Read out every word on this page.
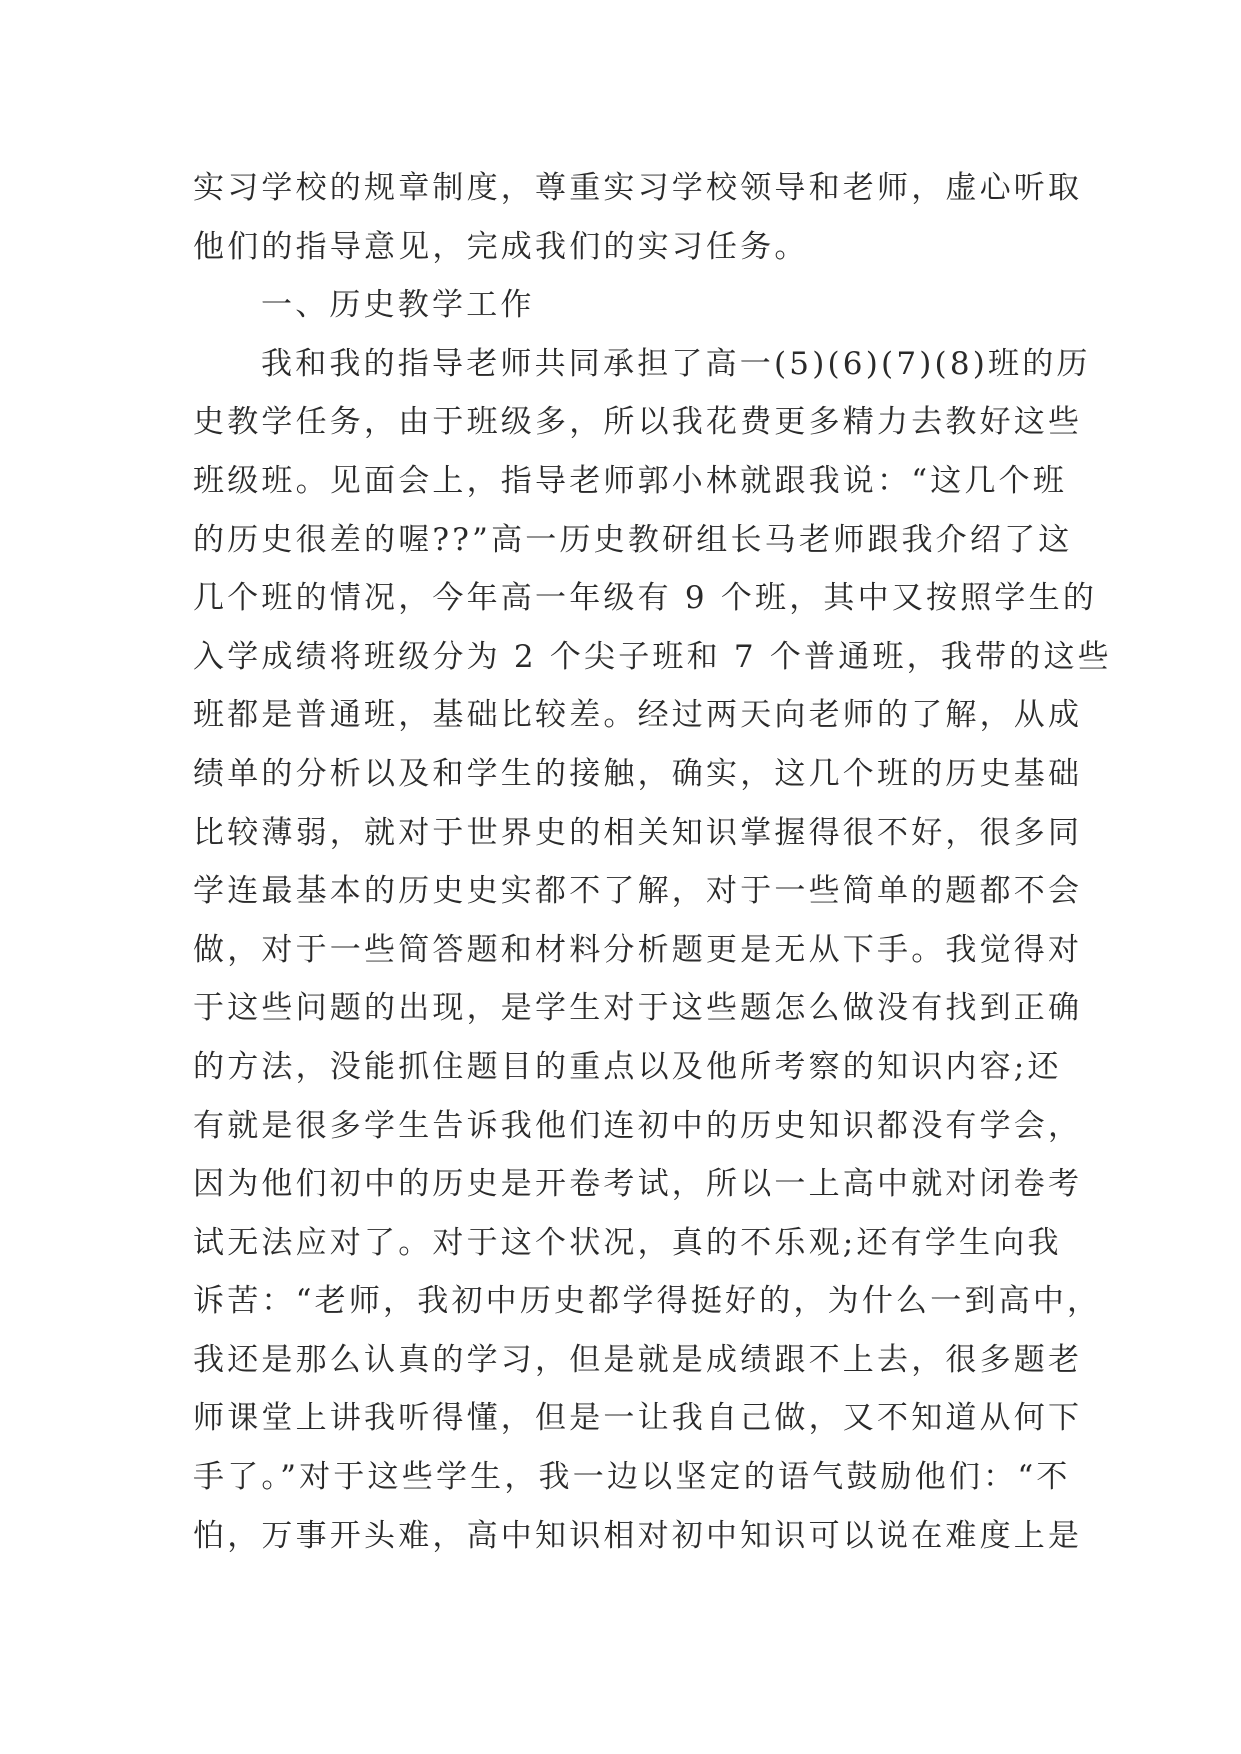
实习学校的规章制度，尊重实习学校领导和老师，虚心听取
他们的指导意见，完成我们的实习任务。
一、历史教学工作
我和我的指导老师共同承担了高一(5)(6)(7)(8)班的历
史教学任务，由于班级多，所以我花费更多精力去教好这些
班级班。见面会上，指导老师郭小林就跟我说：“这几个班
的历史很差的喔??”高一历史教研组长马老师跟我介绍了这
几个班的情况，今年高一年级有 9 个班，其中又按照学生的
入学成绩将班级分为 2 个尖子班和 7 个普通班，我带的这些
班都是普通班，基础比较差。经过两天向老师的了解，从成
绩单的分析以及和学生的接触，确实，这几个班的历史基础
比较薄弱，就对于世界史的相关知识掌握得很不好，很多同
学连最基本的历史史实都不了解，对于一些简单的题都不会
做，对于一些简答题和材料分析题更是无从下手。我觉得对
于这些问题的出现，是学生对于这些题怎么做没有找到正确
的方法，没能抓住题目的重点以及他所考察的知识内容;还
有就是很多学生告诉我他们连初中的历史知识都没有学会，
因为他们初中的历史是开卷考试，所以一上高中就对闭卷考
试无法应对了。对于这个状况，真的不乐观;还有学生向我
诉苦：“老师，我初中历史都学得挺好的，为什么一到高中，
我还是那么认真的学习，但是就是成绩跟不上去，很多题老
师课堂上讲我听得懂，但是一让我自己做，又不知道从何下
手了。”对于这些学生，我一边以坚定的语气鼓励他们：“不
怕，万事开头难，高中知识相对初中知识可以说在难度上是
